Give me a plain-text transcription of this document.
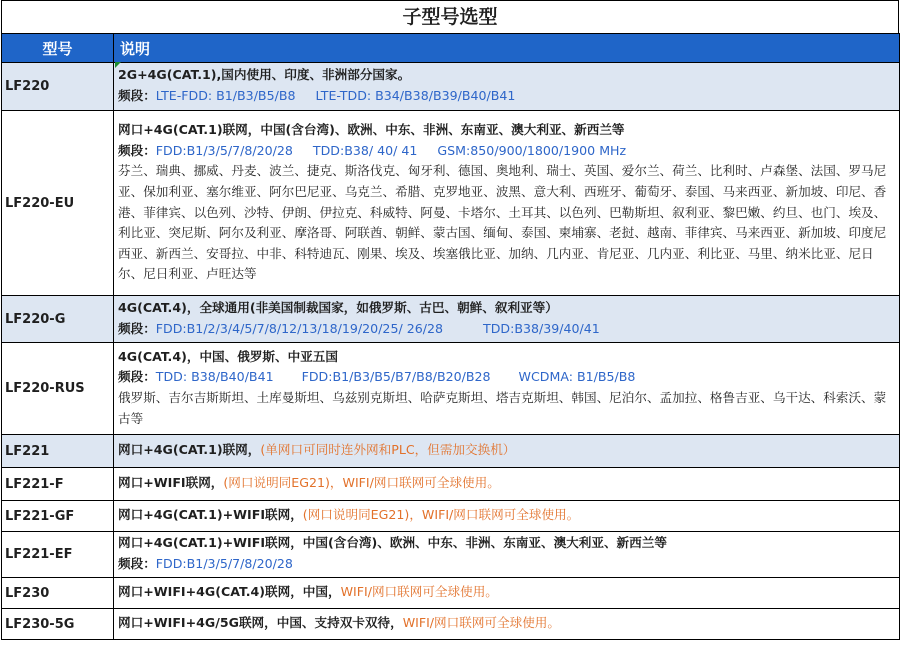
子型号选型
型号	说明
LF220	2G+4G(CAT.1),国内使用、印度、非洲部分国家。
频段：LTE-FDD: B1/B3/B5/B8 LTE-TDD: B34/B38/B39/B40/B41

LF220-EU	网口+4G(CAT.1)联网，中国(含台湾)、欧洲、中东、非洲、东南亚、澳大利亚、新西兰等
频段：FDD:B1/3/5/7/8/20/28 TDD:B38/ 40/ 41 GSM:850/900/1800/1900 MHz
芬兰、瑞典、挪威、丹麦、波兰、捷克、斯洛伐克、匈牙利、德国、奥地利、瑞士、英国、爱尔兰、荷兰、比利时、卢森堡、法国、罗马尼亚、保加利亚、塞尔维亚、阿尔巴尼亚、乌克兰、希腊、克罗地亚、波黑、意大利、西班牙、葡萄牙、泰国、马来西亚、新加坡、印尼、香港、菲律宾、以色列、沙特、伊朗、伊拉克、科威特、阿曼、卡塔尔、土耳其、以色列、巴勒斯坦、叙利亚、黎巴嫩、约旦、也门、埃及、利比亚、突尼斯、阿尔及利亚、摩洛哥、阿联酋、朝鲜、蒙古国、缅甸、泰国、柬埔寨、老挝、越南、菲律宾、马来西亚、新加坡、印度尼西亚、新西兰、安哥拉、中非、科特迪瓦、刚果、埃及、埃塞俄比亚、加纳、几内亚、肯尼亚、几内亚、利比亚、马里、纳米比亚、尼日尔、尼日利亚、卢旺达等

LF220-G	4G(CAT.4)，全球通用(非美国制裁国家，如俄罗斯、古巴、朝鲜、叙利亚等）
频段：FDD:B1/2/3/4/5/7/8/12/13/18/19/20/25/ 26/28 TDD:B38/39/40/41

LF220-RUS	4G(CAT.4)，中国、俄罗斯、中亚五国
频段：TDD: B38/B40/B41 FDD:B1/B3/B5/B7/B8/B20/B28 WCDMA: B1/B5/B8
俄罗斯、吉尔吉斯斯坦、土库曼斯坦、乌兹别克斯坦、哈萨克斯坦、塔吉克斯坦、韩国、尼泊尔、孟加拉、格鲁吉亚、乌干达、科索沃、蒙古等

LF221	网口+4G(CAT.1)联网，(单网口可同时连外网和PLC，但需加交换机）

LF221-F	网口+WIFI联网，(网口说明同EG21)，WIFI/网口联网可全球使用。

LF221-GF	网口+4G(CAT.1)+WIFI联网，(网口说明同EG21)，WIFI/网口联网可全球使用。

LF221-EF	网口+4G(CAT.1)+WIFI联网，中国(含台湾)、欧洲、中东、非洲、东南亚、澳大利亚、新西兰等
频段：FDD:B1/3/5/7/8/20/28

LF230	网口+WIFI+4G(CAT.4)联网，中国，WIFI/网口联网可全球使用。

LF230-5G	网口+WIFI+4G/5G联网，中国、支持双卡双待，WIFI/网口联网可全球使用。
